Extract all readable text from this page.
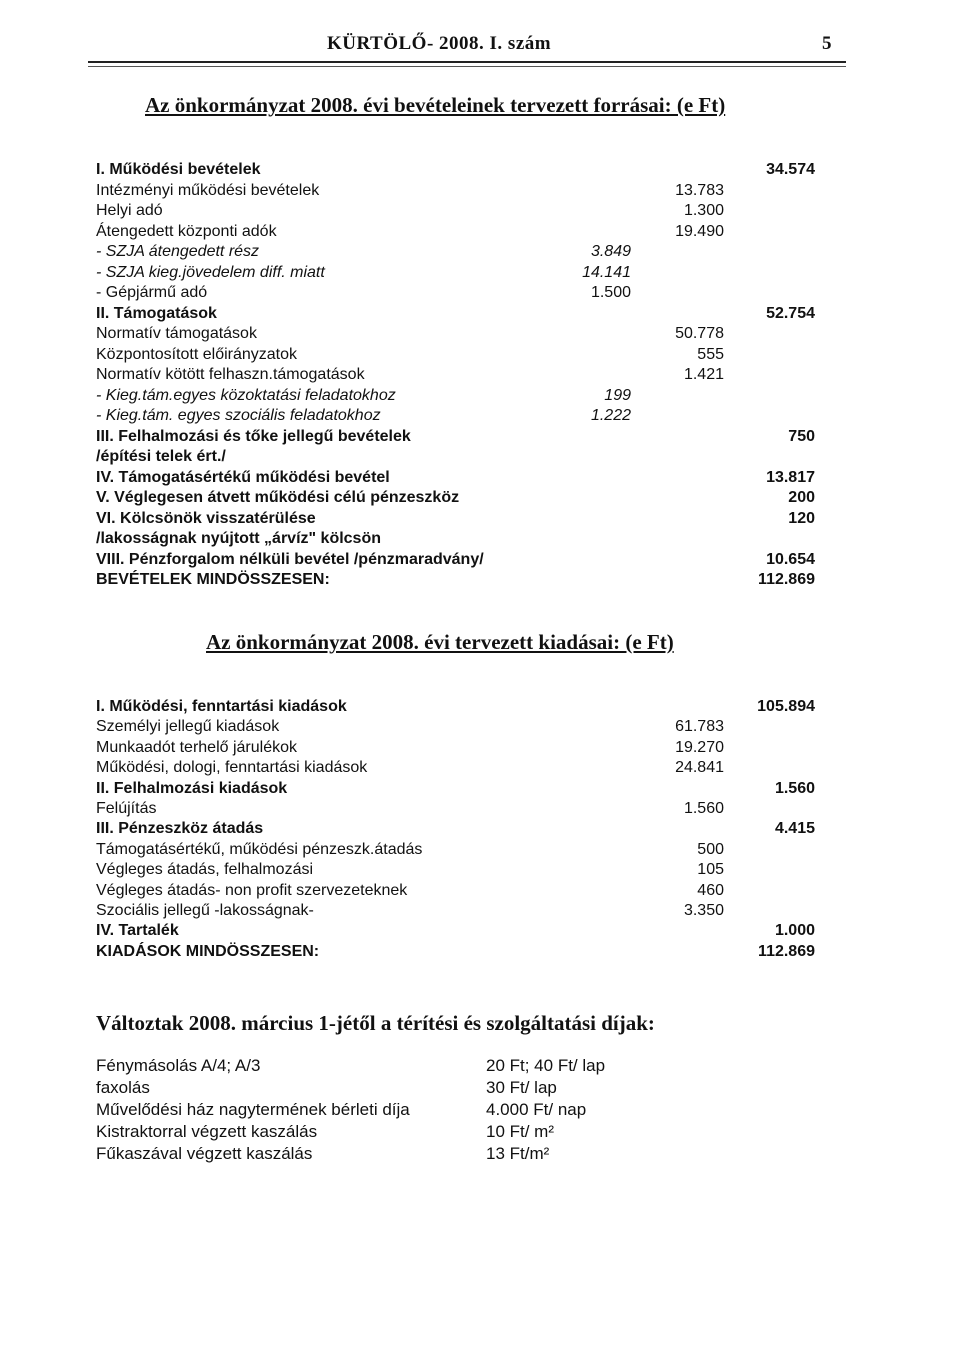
KÜRTÖLŐ- 2008. I. szám	5
Az önkormányzat 2008. évi bevételeinek tervezett forrásai: (e Ft)
I. Működési bevételek	34.574
Intézményi működési bevételek	13.783
Helyi adó	1.300
Átengedett központi adók	19.490
- SZJA átengedett rész	3.849
- SZJA kieg.jövedelem diff. miatt	14.141
- Gépjármű adó	1.500
II. Támogatások	52.754
Normatív támogatások	50.778
Központosított előirányzatok	555
Normatív kötött felhaszn.támogatások	1.421
- Kieg.tám.egyes közoktatási feladatokhoz	199
- Kieg.tám. egyes szociális feladatokhoz	1.222
III. Felhalmozási és tőke jellegű bevételek	750
/építési telek ért./
IV. Támogatásértékű működési bevétel	13.817
V. Véglegesen átvett működési célú pénzeszköz	200
VI. Kölcsönök visszatérülése	120
/lakosságnak nyújtott „árvíz" kölcsön
VIII. Pénzforgalom nélküli bevétel /pénzmaradvány/	10.654
BEVÉTELEK MINDÖSSZESEN:	112.869
Az önkormányzat 2008. évi tervezett kiadásai: (e Ft)
I. Működési, fenntartási kiadások	105.894
Személyi jellegű kiadások	61.783
Munkaadót terhelő járulékok	19.270
Működési, dologi, fenntartási kiadások	24.841
II. Felhalmozási kiadások	1.560
Felújítás	1.560
III. Pénzeszköz átadás	4.415
Támogatásértékű, működési pénzeszk.átadás	500
Végleges átadás, felhalmozási	105
Végleges átadás- non profit szervezeteknek	460
Szociális jellegű -lakosságnak-	3.350
IV. Tartalék	1.000
KIADÁSOK MINDÖSSZESEN:	112.869
Változtak 2008. március 1-jétől a térítési és szolgáltatási díjak:
Fénymásolás A/4; A/3	20 Ft; 40 Ft/ lap
faxolás	30 Ft/ lap
Művelődési ház nagytermének bérleti díja	4.000 Ft/ nap
Kistraktorral végzett kaszálás	10 Ft/ m²
Fűkaszával végzett kaszálás	13 Ft/m²
